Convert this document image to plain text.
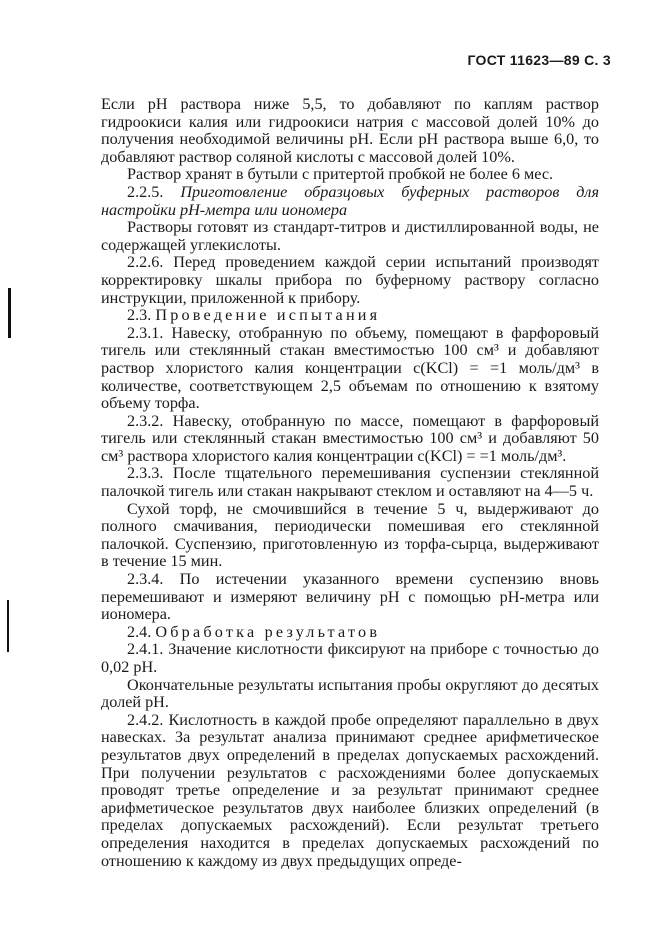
ГОСТ 11623—89 С. 3

Если рН раствора ниже 5,5, то добавляют по каплям раствор гидроокиси калия или гидроокиси натрия с массовой долей 10% до получения необходимой величины рН. Если рН раствора выше 6,0, то добавляют раствор соляной кислоты с массовой долей 10%.

Раствор хранят в бутыли с притертой пробкой не более 6 мес.

2.2.5. Приготовление образцовых буферных растворов для настройки рН-метра или иономера

Растворы готовят из стандарт-титров и дистиллированной воды, не содержащей углекислоты.

2.2.6. Перед проведением каждой серии испытаний производят корректировку шкалы прибора по буферному раствору согласно инструкции, приложенной к прибору.

2.3. Проведение испытания

2.3.1. Навеску, отобранную по объему, помещают в фарфоровый тигель или стеклянный стакан вместимостью 100 см³ и добавляют раствор хлористого калия концентрации c(KCl) = =1 моль/дм³ в количестве, соответствующем 2,5 объемам по отношению к взятому объему торфа.

2.3.2. Навеску, отобранную по массе, помещают в фарфоровый тигель или стеклянный стакан вместимостью 100 см³ и добавляют 50 см³ раствора хлористого калия концентрации c(KCl) = =1 моль/дм³.

2.3.3. После тщательного перемешивания суспензии стеклянной палочкой тигель или стакан накрывают стеклом и оставляют на 4—5 ч.

Сухой торф, не смочившийся в течение 5 ч, выдерживают до полного смачивания, периодически помешивая его стеклянной палочкой. Суспензию, приготовленную из торфа-сырца, выдерживают в течение 15 мин.

2.3.4. По истечении указанного времени суспензию вновь перемешивают и измеряют величину рН с помощью рН-метра или иономера.

2.4. Обработка результатов

2.4.1. Значение кислотности фиксируют на приборе с точностью до 0,02 рН.

Окончательные результаты испытания пробы округляют до десятых долей рН.

2.4.2. Кислотность в каждой пробе определяют параллельно в двух навесках. За результат анализа принимают среднее арифметическое результатов двух определений в пределах допускаемых расхождений. При получении результатов с расхождениями более допускаемых проводят третье определение и за результат принимают среднее арифметическое результатов двух наиболее близких определений (в пределах допускаемых расхождений). Если результат третьего определения находится в пределах допускаемых расхождений по отношению к каждому из двух предыдущих опреде-
